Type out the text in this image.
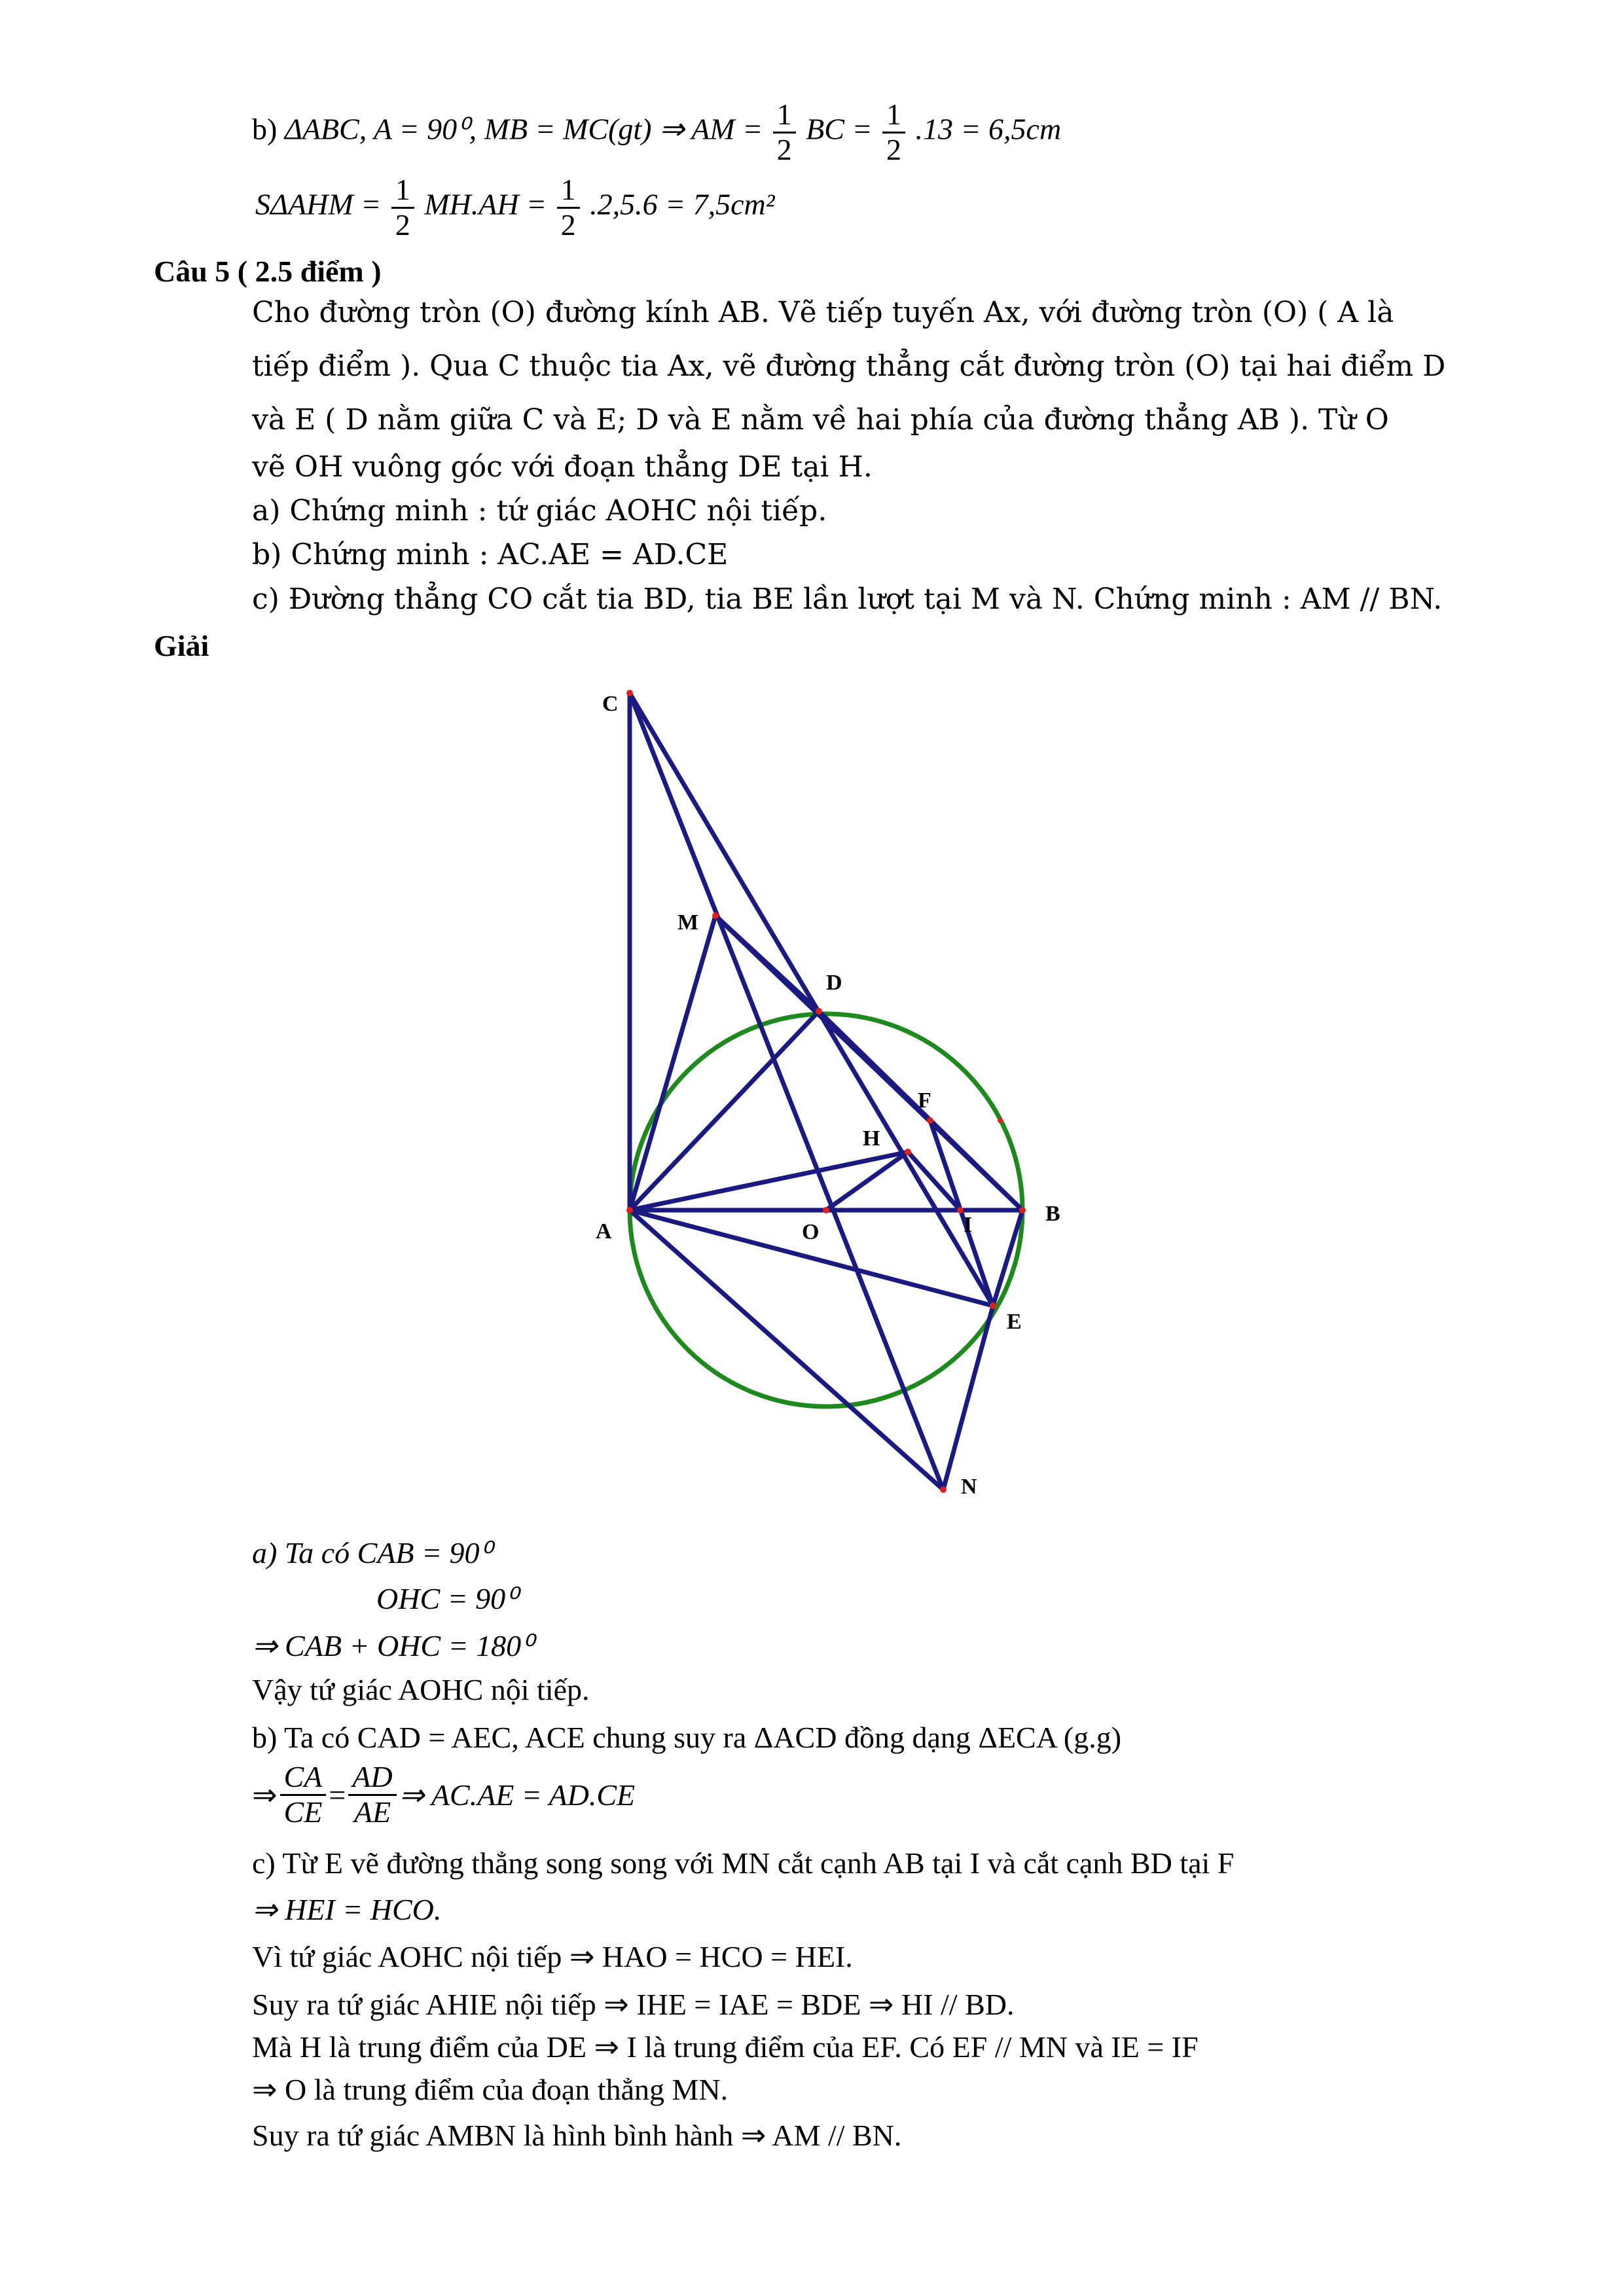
b) ΔABC, A = 90⁰, MB = MC(gt) ⇒ AM = $\frac{1}{2}$ BC = $\frac{1}{2} .13 = 6,5cm$
$S\Delta AHM = \frac{1}{2} MH.AH = \frac{1}{2} .2,5.6 = 7,5cm^2$
Câu 5 ( 2.5 điểm )
Cho đường tròn (O) đường kính AB. Vẽ tiếp tuyến Ax, với đường tròn (O) ( A là
tiếp điểm ). Qua C thuộc tia Ax, vẽ đường thẳng cắt đường tròn (O) tại hai điểm D
và E ( D nằm giữa C và E; D và E nằm về hai phía của đường thẳng AB ). Từ O
vẽ OH vuông góc với đoạn thẳng DE tại H.
a) Chứng minh : tứ giác AOHC nội tiếp.
b) Chứng minh : AC.AE = AD.CE
c) Đường thẳng CO cắt tia BD, tia BE lần lượt tại M và N. Chứng minh : AM // BN.
Giải
C
M
D
F
H
A	O	I	B
E
N
a) Ta có CAB = 90⁰
OHC = 90⁰
⇒ CAB + OHC = 180⁰
Vậy tứ giác AOHC nội tiếp.
b) Ta có CAD = AEC, ACE chung suy ra ΔACD đồng dạng ΔECA (g.g)
⇒ $\frac{CA}{CE} = \frac{AD}{AE}$ ⇒ AC.AE = AD.CE
c) Từ E vẽ đường thẳng song song với MN cắt cạnh AB tại I và cắt cạnh BD tại F
⇒ HEI = HCO.
Vì tứ giác AOHC nội tiếp ⇒ HAO = HCO = HEI.
Suy ra tứ giác AHIE nội tiếp ⇒ IHE = IAE = BDE ⇒ HI // BD.
Mà H là trung điểm của DE ⇒ I là trung điểm của EF. Có EF // MN và IE = IF
⇒ O là trung điểm của đoạn thẳng MN.
Suy ra tứ giác AMBN là hình bình hành ⇒ AM // BN.
